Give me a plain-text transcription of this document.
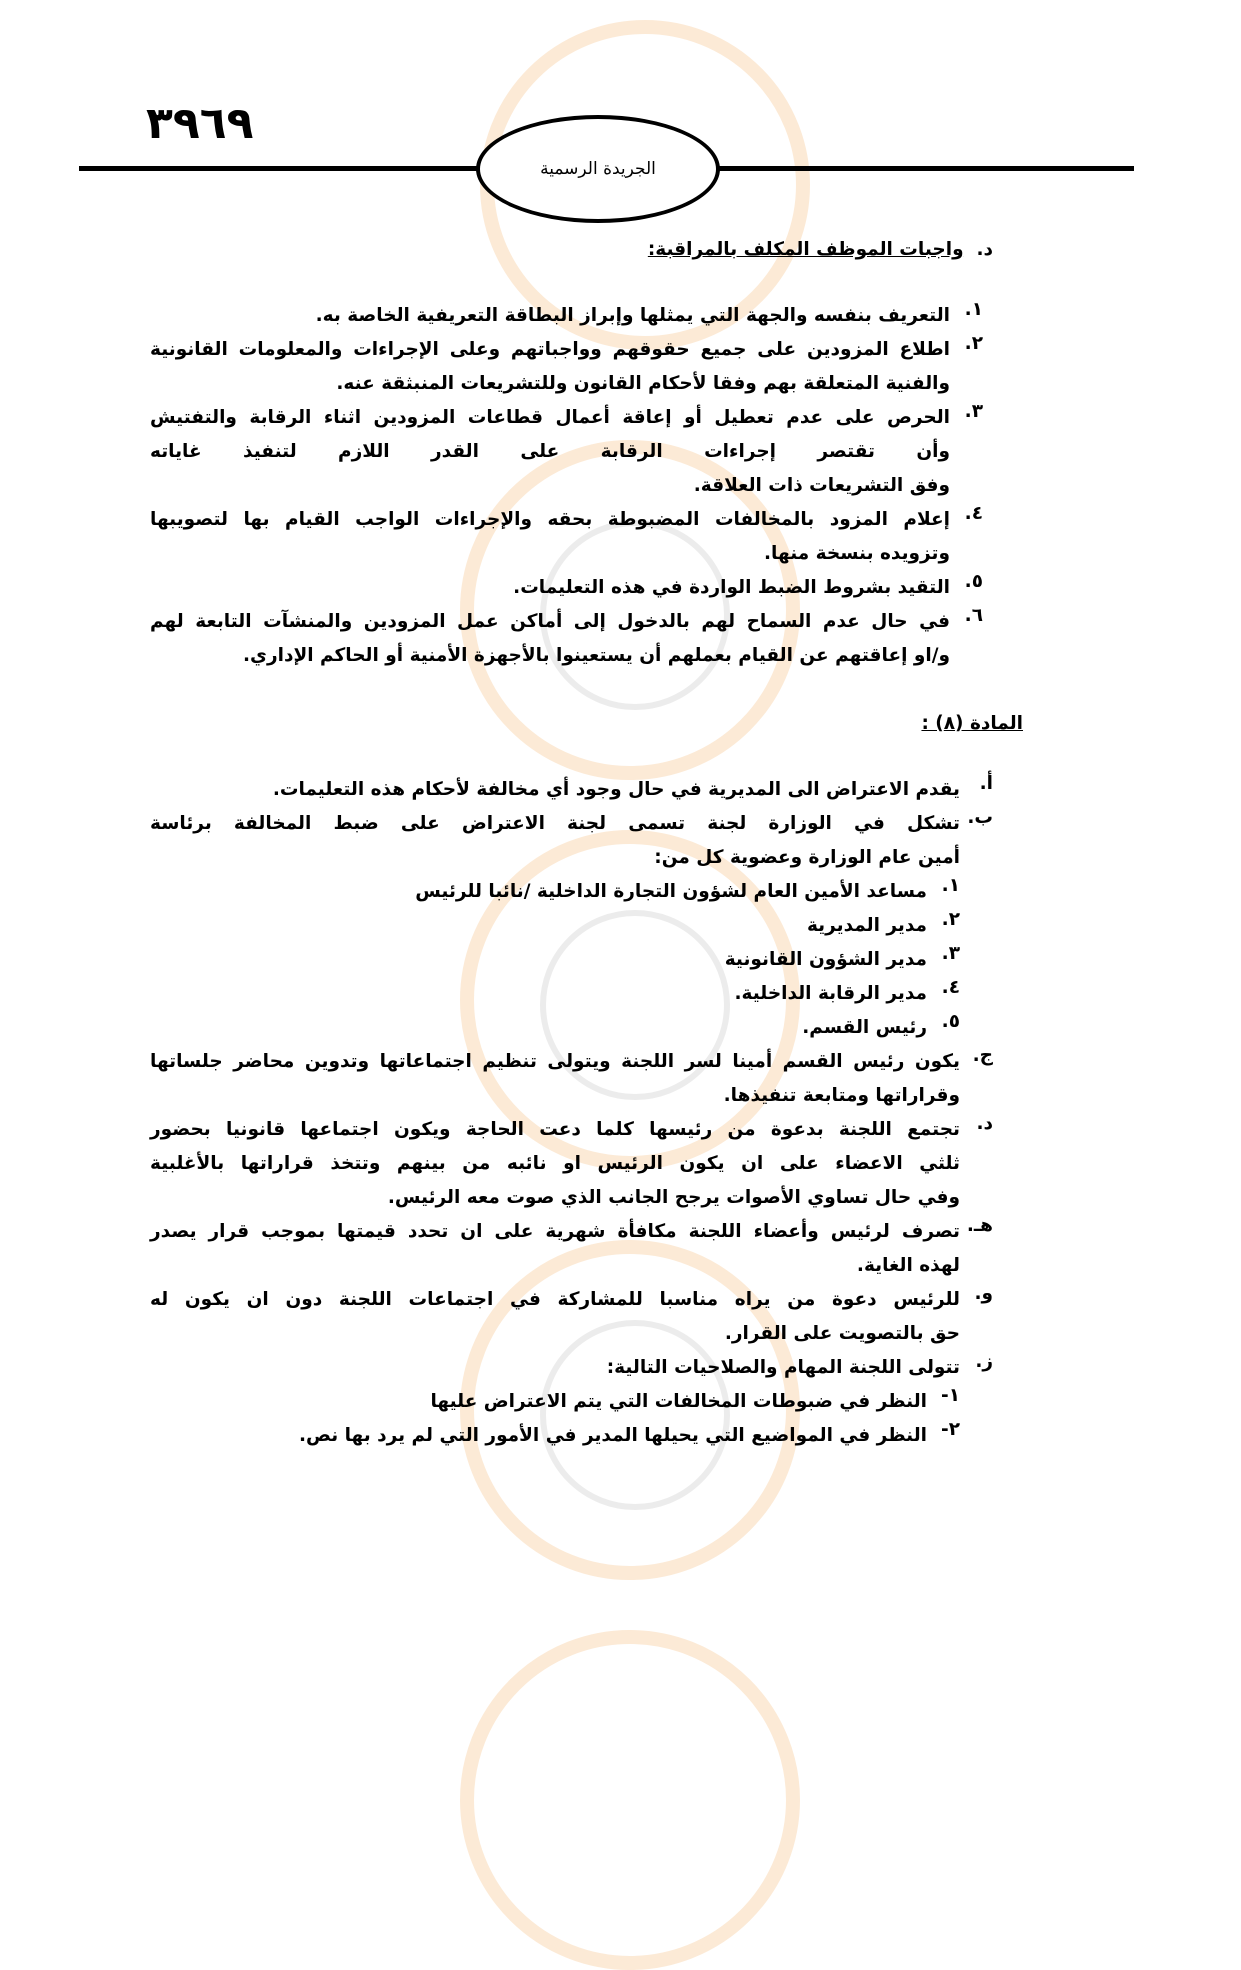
٣٩٦٩
الجريدة الرسمية
د.  واجبات الموظف المكلف بالمراقبة:
١.
التعريف بنفسه والجهة التي يمثلها وإبراز البطاقة التعريفية الخاصة به.
٢.
اطلاع المزودين على جميع حقوقهم وواجباتهم وعلى الإجراءات والمعلومات القانونية
والفنية المتعلقة بهم وفقا لأحكام القانون وللتشريعات المنبثقة عنه.
٣.
الحرص على عدم تعطيل أو إعاقة أعمال قطاعات المزودين اثناء الرقابة والتفتيش
وأن تقتصر إجراءات الرقابة على القدر اللازم لتنفيذ غاياته
وفق التشريعات ذات العلاقة.
٤.
إعلام المزود بالمخالفات المضبوطة بحقه والإجراءات الواجب القيام بها لتصويبها
وتزويده بنسخة منها.
٥.
التقيد بشروط الضبط الواردة في هذه التعليمات.
٦.
في حال عدم السماح لهم بالدخول إلى أماكن عمل المزودين والمنشآت التابعة لهم
و/او إعاقتهم عن القيام بعملهم أن يستعينوا بالأجهزة الأمنية أو الحاكم الإداري.
المادة (٨) :
أ.
يقدم الاعتراض الى المديرية في حال وجود أي مخالفة لأحكام هذه التعليمات.
ب.
تشكل في الوزارة لجنة تسمى لجنة الاعتراض على ضبط المخالفة برئاسة
أمين عام الوزارة وعضوية كل من:
١.
مساعد الأمين العام لشؤون التجارة الداخلية /نائبا للرئيس
٢.
مدير المديرية
٣.
مدير الشؤون القانونية
٤.
مدير الرقابة الداخلية.
٥.
رئيس القسم.
ج.
يكون رئيس القسم أمينا لسر اللجنة ويتولى تنظيم اجتماعاتها وتدوين محاضر جلساتها
وقراراتها ومتابعة تنفيذها.
د.
تجتمع اللجنة بدعوة من رئيسها كلما دعت الحاجة ويكون اجتماعها قانونيا بحضور
ثلثي الاعضاء على ان يكون الرئيس او نائبه من بينهم وتتخذ قراراتها بالأغلبية
وفي حال تساوي الأصوات يرجح الجانب الذي صوت معه الرئيس.
هـ.
تصرف لرئيس وأعضاء اللجنة مكافأة شهرية على ان تحدد قيمتها بموجب قرار يصدر
لهذه الغاية.
و.
للرئيس دعوة من يراه مناسبا للمشاركة في اجتماعات اللجنة دون ان يكون له
حق بالتصويت على القرار.
ز.
تتولى اللجنة المهام والصلاحيات التالية:
١-
النظر في ضبوطات المخالفات التي يتم الاعتراض عليها
٢-
النظر في المواضيع التي يحيلها المدير في الأمور التي لم يرد بها نص.
